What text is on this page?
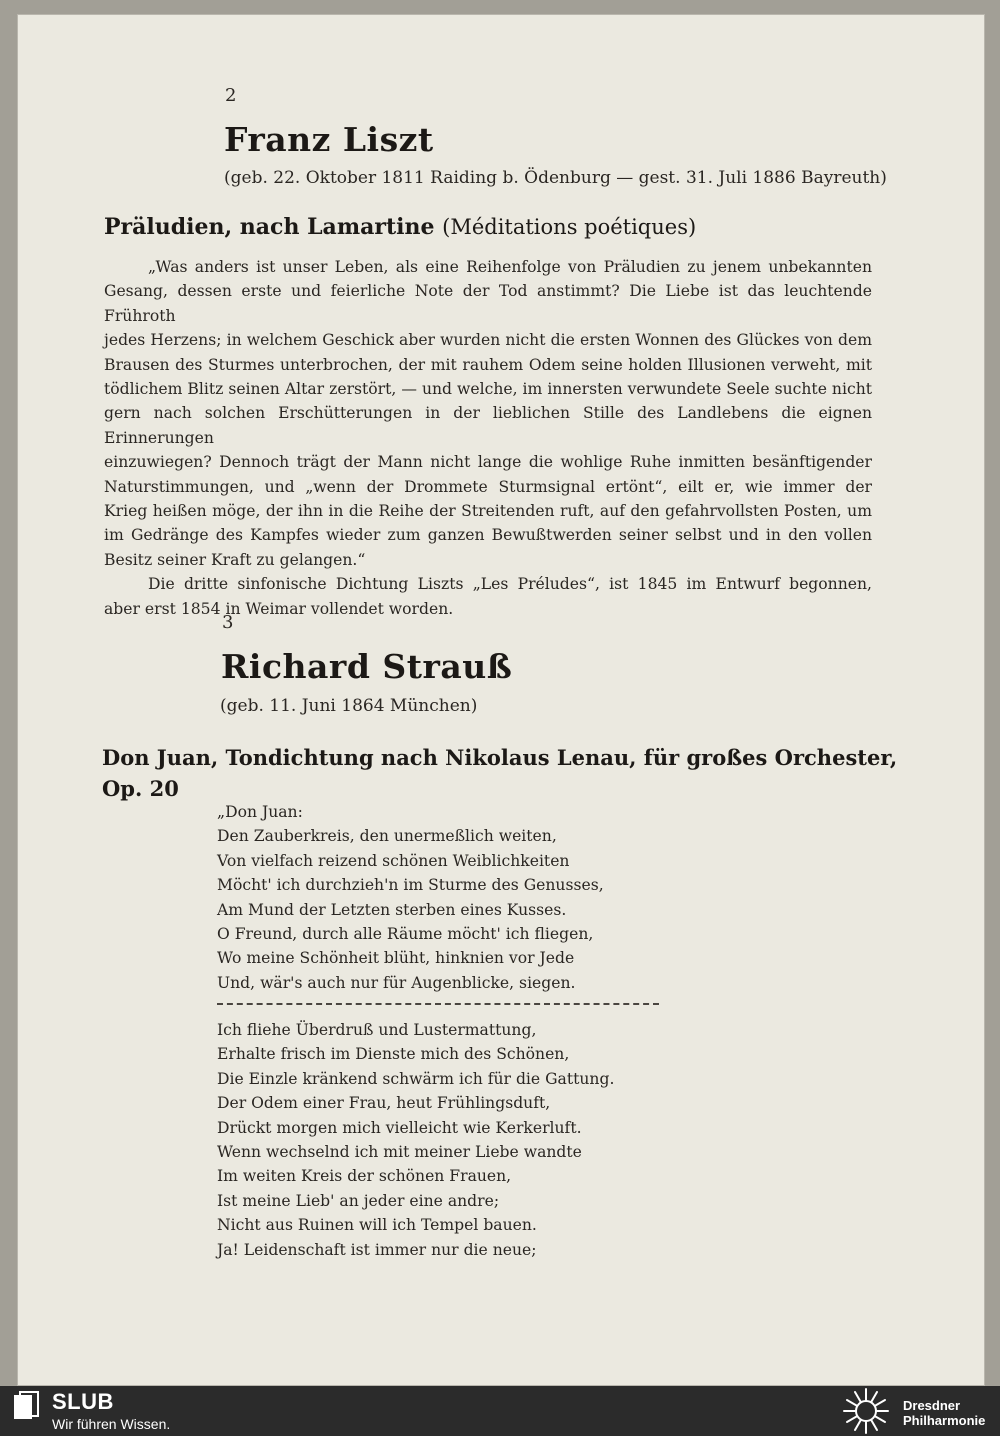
2
Franz Liszt
(geb. 22. Oktober 1811 Raiding b. Ödenburg — gest. 31. Juli 1886 Bayreuth)
Präludien, nach Lamartine (Méditations poétiques)

„Was anders ist unser Leben, als eine Reihenfolge von Präludien zu jenem unbekannten

Gesang, dessen erste und feierliche Note der Tod anstimmt? Die Liebe ist das leuchtende Frühroth

jedes Herzens; in welchem Geschick aber wurden nicht die ersten Wonnen des Glückes von dem

Brausen des Sturmes unterbrochen, der mit rauhem Odem seine holden Illusionen verweht, mit

tödlichem Blitz seinen Altar zerstört, — und welche, im innersten verwundete Seele suchte nicht

gern nach solchen Erschütterungen in der lieblichen Stille des Landlebens die eignen Erinnerungen

einzuwiegen? Dennoch trägt der Mann nicht lange die wohlige Ruhe inmitten besänftigender

Naturstimmungen, und „wenn der Drommete Sturmsignal ertönt“, eilt er, wie immer der

Krieg heißen möge, der ihn in die Reihe der Streitenden ruft, auf den gefahrvollsten Posten, um

im Gedränge des Kampfes wieder zum ganzen Bewußtwerden seiner selbst und in den vollen

Besitz seiner Kraft zu gelangen.“

Die dritte sinfonische Dichtung Liszts „Les Préludes“, ist 1845 im Entwurf begonnen,

aber erst 1854 in Weimar vollendet worden.

3
Richard Strauß
(geb. 11. Juni 1864 München)
Don Juan, Tondichtung nach Nikolaus Lenau, für großes Orchester,
Op. 20
„Don Juan:
Den Zauberkreis, den unermeßlich weiten,
Von vielfach reizend schönen Weiblichkeiten
Möcht' ich durchzieh'n im Sturme des Genusses,
Am Mund der Letzten sterben eines Kusses.
O Freund, durch alle Räume möcht' ich fliegen,
Wo meine Schönheit blüht, hinknien vor Jede
Und, wär's auch nur für Augenblicke, siegen.
Ich fliehe Überdruß und Lustermattung,
Erhalte frisch im Dienste mich des Schönen,
Die Einzle kränkend schwärm ich für die Gattung.
Der Odem einer Frau, heut Frühlingsduft,
Drückt morgen mich vielleicht wie Kerkerluft.
Wenn wechselnd ich mit meiner Liebe wandte
Im weiten Kreis der schönen Frauen,
Ist meine Lieb' an jeder eine andre;
Nicht aus Ruinen will ich Tempel bauen.
Ja! Leidenschaft ist immer nur die neue;
SLUB
Wir führen Wissen.
Dresdner
Philharmonie
